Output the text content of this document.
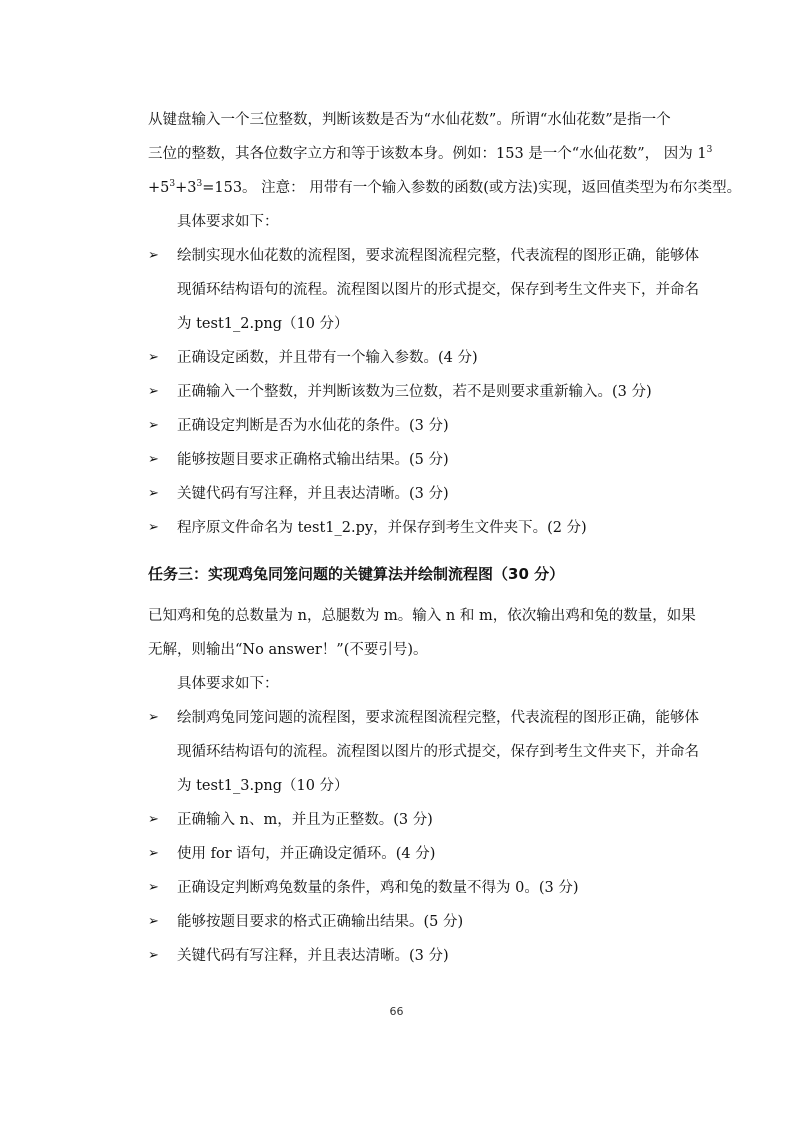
从键盘输入一个三位整数，判断该数是否为“水仙花数”。所谓“水仙花数”是指一个
三位的整数，其各位数字立方和等于该数本身。例如：153 是一个“水仙花数”， 因为 $1^3$
$+5^3+3^3=153$。 注意： 用带有一个输入参数的函数(或方法)实现，返回值类型为布尔类型。
具体要求如下：
➢	绘制实现水仙花数的流程图，要求流程图流程完整，代表流程的图形正确，能够体
现循环结构语句的流程。流程图以图片的形式提交，保存到考生文件夹下，并命名
为 test1_2.png（10 分）
➢	正确设定函数，并且带有一个输入参数。(4 分)
➢	正确输入一个整数，并判断该数为三位数，若不是则要求重新输入。(3 分)
➢	正确设定判断是否为水仙花的条件。(3 分)
➢	能够按题目要求正确格式输出结果。(5 分)
➢	关键代码有写注释，并且表达清晰。(3 分)
➢	程序原文件命名为 test1_2.py，并保存到考生文件夹下。(2 分)
任务三：实现鸡兔同笼问题的关键算法并绘制流程图（30 分）
已知鸡和兔的总数量为 n，总腿数为 m。输入 n 和 m，依次输出鸡和兔的数量，如果
无解，则输出“No answer！”(不要引号)。
具体要求如下：
➢	绘制鸡兔同笼问题的流程图，要求流程图流程完整，代表流程的图形正确，能够体
现循环结构语句的流程。流程图以图片的形式提交，保存到考生文件夹下，并命名
为 test1_3.png（10 分）
➢	正确输入 n、m，并且为正整数。(3 分)
➢	使用 for 语句，并正确设定循环。(4 分)
➢	正确设定判断鸡兔数量的条件，鸡和兔的数量不得为 0。(3 分)
➢	能够按题目要求的格式正确输出结果。(5 分)
➢	关键代码有写注释，并且表达清晰。(3 分)
66
